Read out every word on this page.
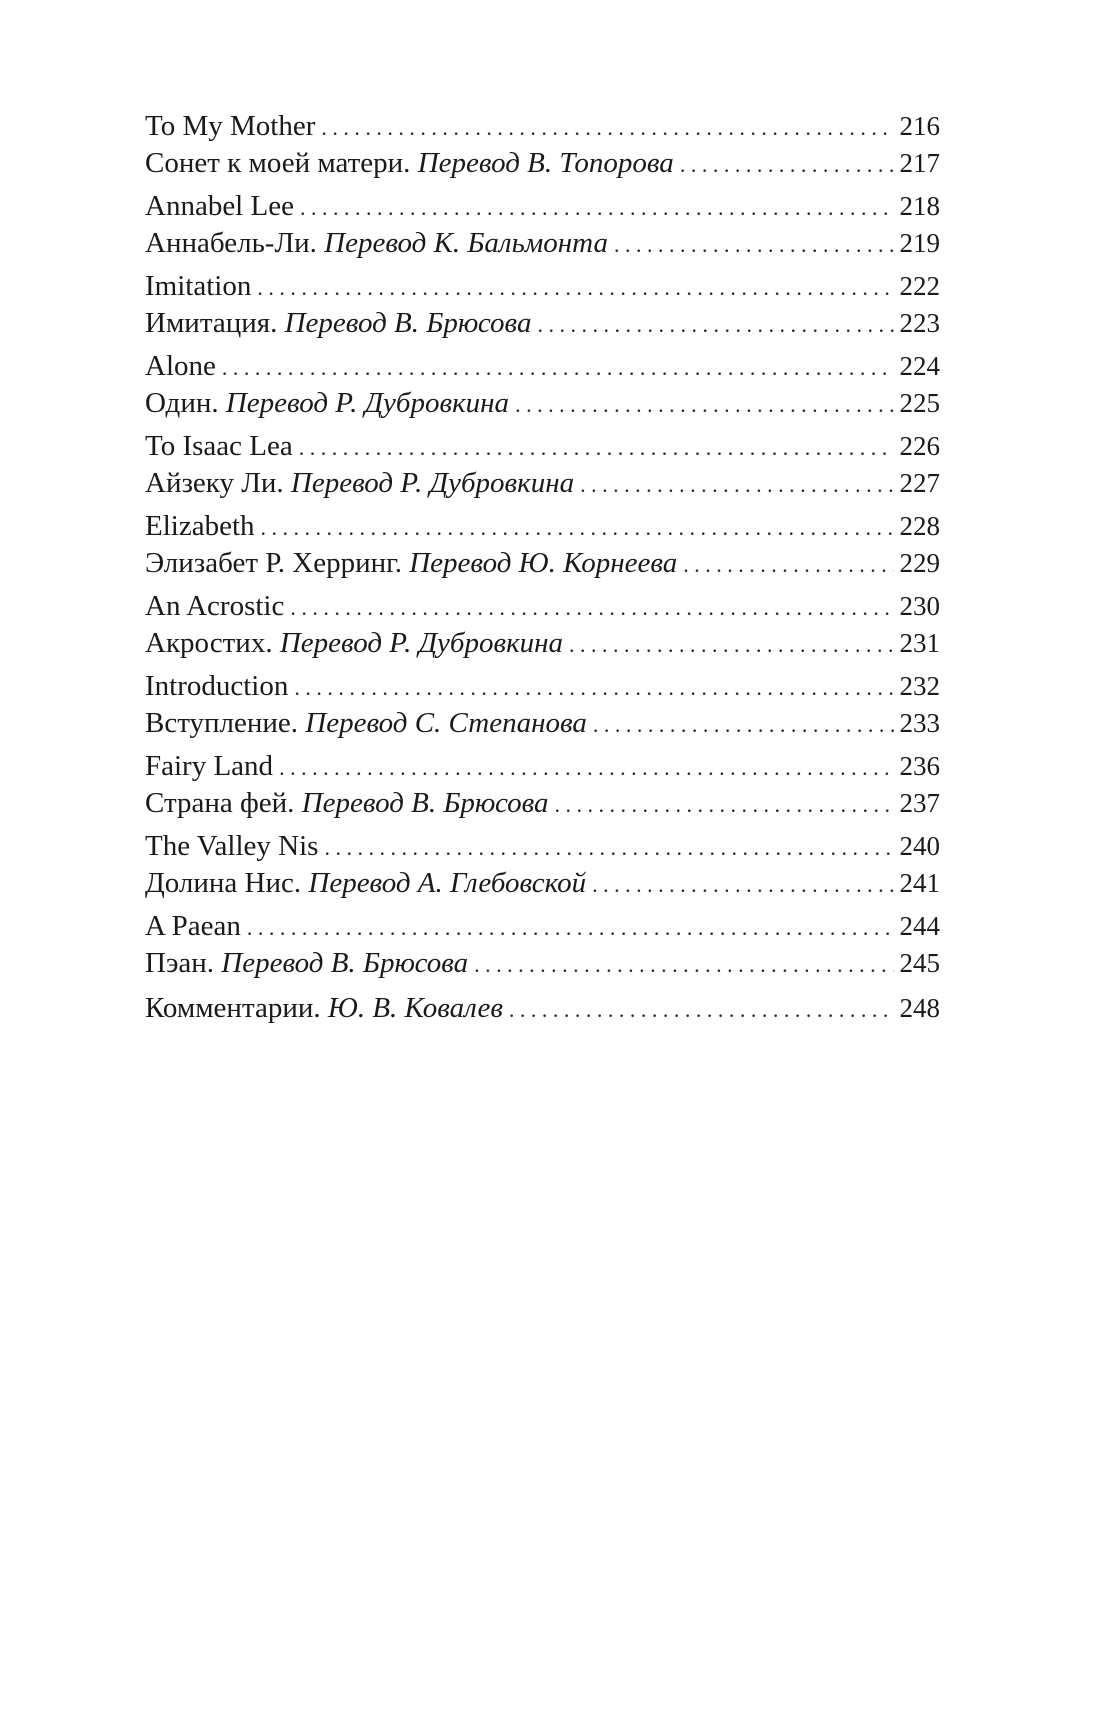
To My Mother . . .	216
Сонет к моей матери. Перевод В. Топорова . . .	217
Annabel Lee . . .	218
Аннабель-Ли. Перевод К. Бальмонта . . .	219
Imitation . . .	222
Имитация. Перевод В. Брюсова . . .	223
Alone . . .	224
Один. Перевод Р. Дубровкина . . .	225
To Isaac Lea . . .	226
Айзеку Ли. Перевод Р. Дубровкина . . .	227
Elizabeth . . .	228
Элизабет Р. Херринг. Перевод Ю. Корнеева . . .	229
An Acrostic . . .	230
Акростих. Перевод Р. Дубровкина . . .	231
Introduction . . .	232
Вступление. Перевод С. Степанова . . .	233
Fairy Land . . .	236
Страна фей. Перевод В. Брюсова . . .	237
The Valley Nis . . .	240
Долина Нис. Перевод А. Глебовской . . .	241
A Paean . . .	244
Пэан. Перевод В. Брюсова . . .	245
Комментарии. Ю. В. Ковалев . . .	248
